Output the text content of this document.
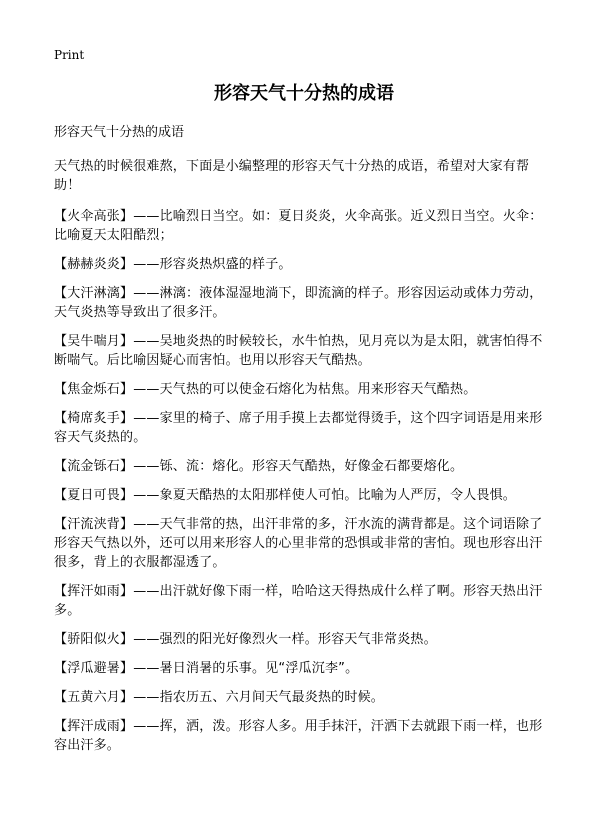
Print
形容天气十分热的成语

形容天气十分热的成语

天气热的时候很难熬，下面是小编整理的形容天气十分热的成语，希望对大家有帮助！

【火伞高张】——比喻烈日当空。如：夏日炎炎，火伞高张。近义烈日当空。火伞：比喻夏天太阳酷烈；

【赫赫炎炎】——形容炎热炽盛的样子。

【大汗淋漓】——淋漓：液体湿湿地淌下，即流滴的样子。形容因运动或体力劳动，天气炎热等导致出了很多汗。

【吴牛喘月】——吴地炎热的时候较长，水牛怕热，见月亮以为是太阳，就害怕得不断喘气。后比喻因疑心而害怕。也用以形容天气酷热。

【焦金烁石】——天气热的可以使金石熔化为枯焦。用来形容天气酷热。

【椅席炙手】——家里的椅子、席子用手摸上去都觉得烫手，这个四字词语是用来形容天气炎热的。

【流金铄石】——铄、流：熔化。形容天气酷热，好像金石都要熔化。

【夏日可畏】——象夏天酷热的太阳那样使人可怕。比喻为人严厉，令人畏惧。

【汗流浃背】——天气非常的热，出汗非常的多，汗水流的满背都是。这个词语除了形容天气热以外，还可以用来形容人的心里非常的恐惧或非常的害怕。现也形容出汗很多，背上的衣服都湿透了。

【挥汗如雨】——出汗就好像下雨一样，哈哈这天得热成什么样了啊。形容天热出汗多。

【骄阳似火】——强烈的阳光好像烈火一样。形容天气非常炎热。

【浮瓜避暑】——暑日消暑的乐事。见“浮瓜沉李”。

【五黄六月】——指农历五、六月间天气最炎热的时候。

【挥汗成雨】——挥，洒，泼。形容人多。用手抹汗，汗洒下去就跟下雨一样，也形容出汗多。
